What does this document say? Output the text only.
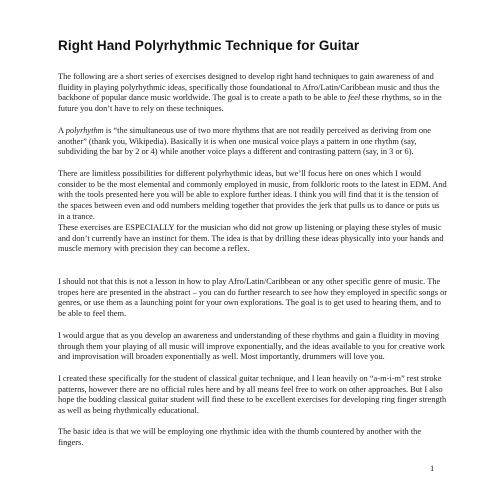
Right Hand Polyrhythmic Technique for Guitar

The following are a short series of exercises designed to develop right hand techniques to gain awareness of and fluidity in playing polyrhythmic ideas, specifically those foundational to Afro/Latin/Caribbean music and thus the backbone of popular dance music worldwide. The goal is to create a path to be able to feel these rhythms, so in the future you don’t have to rely on these techniques.

A polyrhythm is “the simultaneous use of two more rhythms that are not readily perceived as deriving from one another” (thank you, Wikipedia). Basically it is when one musical voice plays a pattern in one rhythm (say, subdividing the bar by 2 or 4) while another voice plays a different and contrasting pattern (say, in 3 or 6).

There are limitless possibilities for different polyrhythmic ideas, but we’ll focus here on ones which I would consider to be the most elemental and commonly employed in music, from folkloric roots to the latest in EDM. And with the tools presented here you will be able to explore further ideas. I think you will find that it is the tension of the spaces between even and odd numbers melding together that provides the jerk that pulls us to dance or puts us in a trance.

These exercises are ESPECIALLY for the musician who did not grow up listening or playing these styles of music and don’t currently have an instinct for them. The idea is that by drilling these ideas physically into your hands and muscle memory with precision they can become a reflex.

I should not that this is not a lesson in how to play Afro/Latin/Caribbean or any other specific genre of music. The tropes here are presented in the abstract – you can do further research to see how they employed in specific songs or genres, or use them as a launching point for your own explorations. The goal is to get used to hearing them, and to be able to feel them.

I would argue that as you develop an awareness and understanding of these rhythms and gain a fluidity in moving through them your playing of all music will improve exponentially, and the ideas available to you for creative work and improvisation will broaden exponentially as well. Most importantly, drummers will love you.

I created these specifically for the student of classical guitar technique, and I lean heavily on “a-m-i-m” rest stroke patterns, however there are no official rules here and by all means feel free to work on other approaches. But I also hope the budding classical guitar student will find these to be excellent exercises for developing ring finger strength as well as being rhythmically educational.

The basic idea is that we will be employing one rhythmic idea with the thumb countered by another with the fingers.

1
